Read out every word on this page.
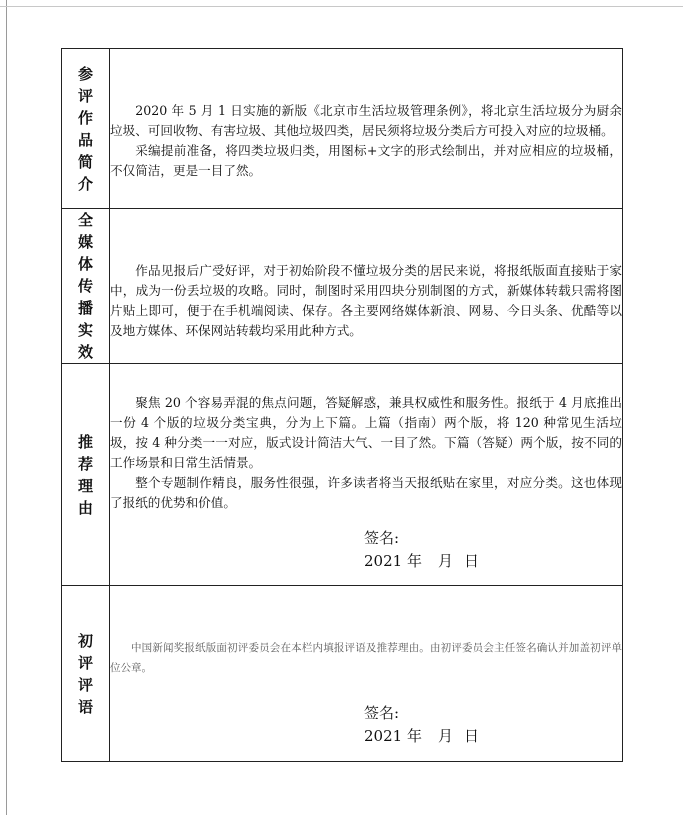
参评作品简介	2020 年 5 月 1 日实施的新版《北京市生活垃圾管理条例》，将北京生活垃圾分为厨余垃圾、可回收物、有害垃圾、其他垃圾四类，居民须将垃圾分类后方可投入对应的垃圾桶。

采编提前准备，将四类垃圾归类，用图标+文字的形式绘制出，并对应相应的垃圾桶，不仅简洁，更是一目了然。

全媒体传播实效	作品见报后广受好评，对于初始阶段不懂垃圾分类的居民来说，将报纸版面直接贴于家中，成为一份丢垃圾的攻略。同时，制图时采用四块分别制图的方式，新媒体转载只需将图片贴上即可，便于在手机端阅读、保存。各主要网络媒体新浪、网易、今日头条、优酷等以及地方媒体、环保网站转载均采用此种方式。

推荐理由	聚焦 20 个容易弄混的焦点问题，答疑解惑，兼具权威性和服务性。报纸于 4 月底推出一份 4 个版的垃圾分类宝典，分为上下篇。上篇（指南）两个版，将 120 种常见生活垃圾，按 4 种分类一一对应，版式设计简洁大气、一目了然。下篇（答疑）两个版，按不同的工作场景和日常生活情景。

整个专题制作精良，服务性很强，许多读者将当天报纸贴在家里，对应分类。这也体现了报纸的优势和价值。

签名:
2021 年 月 日

初评评语	中国新闻奖报纸版面初评委员会在本栏内填报评语及推荐理由。由初评委员会主任签名确认并加盖初评单位公章。

签名:
2021 年 月 日
